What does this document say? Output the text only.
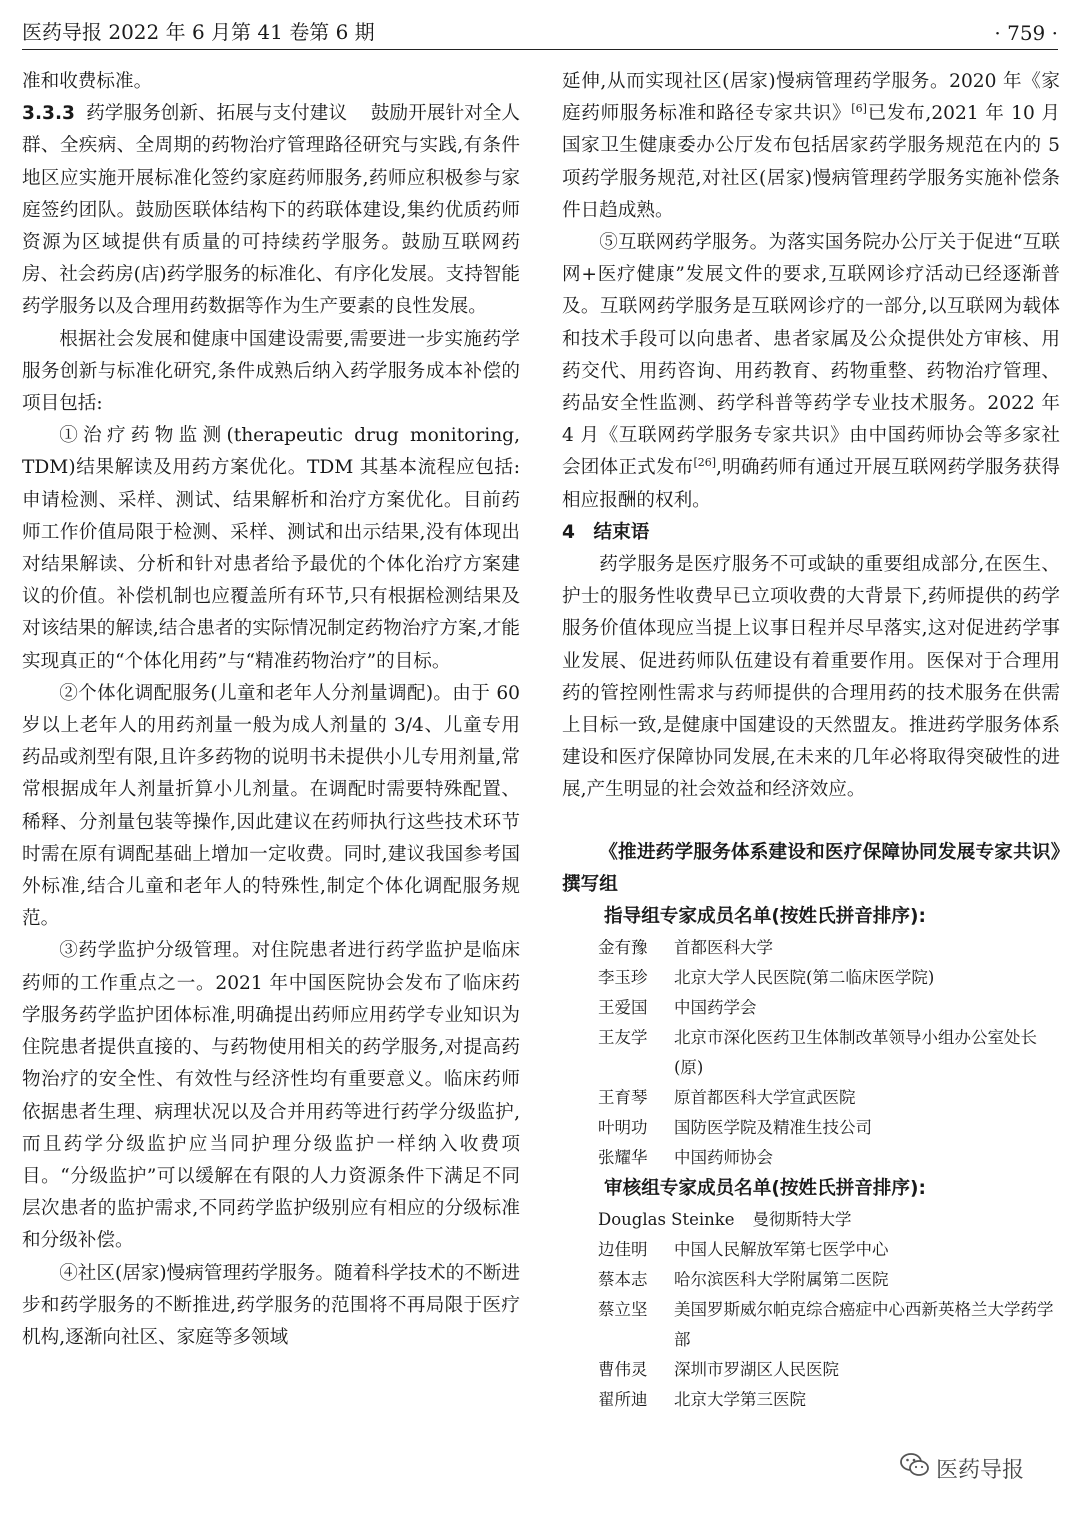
医药导报 2022 年 6 月第 41 卷第 6 期	· 759 ·

准和收费标准。

3.3.3 药学服务创新、拓展与支付建议 鼓励开展针对全人群、全疾病、全周期的药物治疗管理路径研究与实践,有条件地区应实施开展标准化签约家庭药师服务,药师应积极参与家庭签约团队。鼓励医联体结构下的药联体建设,集约优质药师资源为区域提供有质量的可持续药学服务。鼓励互联网药房、社会药房(店)药学服务的标准化、有序化发展。支持智能药学服务以及合理用药数据等作为生产要素的良性发展。

根据社会发展和健康中国建设需要,需要进一步实施药学服务创新与标准化研究,条件成熟后纳入药学服务成本补偿的项目包括:

①治疗药物监测(therapeutic drug monitoring, TDM)结果解读及用药方案优化。TDM 其基本流程应包括:申请检测、采样、测试、结果解析和治疗方案优化。目前药师工作价值局限于检测、采样、测试和出示结果,没有体现出对结果解读、分析和针对患者给予最优的个体化治疗方案建议的价值。补偿机制也应覆盖所有环节,只有根据检测结果及对该结果的解读,结合患者的实际情况制定药物治疗方案,才能实现真正的“个体化用药”与“精准药物治疗”的目标。

②个体化调配服务(儿童和老年人分剂量调配)。由于 60 岁以上老年人的用药剂量一般为成人剂量的 3/4、儿童专用药品或剂型有限,且许多药物的说明书未提供小儿专用剂量,常常根据成年人剂量折算小儿剂量。在调配时需要特殊配置、稀释、分剂量包装等操作,因此建议在药师执行这些技术环节时需在原有调配基础上增加一定收费。同时,建议我国参考国外标准,结合儿童和老年人的特殊性,制定个体化调配服务规范。

③药学监护分级管理。对住院患者进行药学监护是临床药师的工作重点之一。2021 年中国医院协会发布了临床药学服务药学监护团体标准,明确提出药师应用药学专业知识为住院患者提供直接的、与药物使用相关的药学服务,对提高药物治疗的安全性、有效性与经济性均有重要意义。临床药师依据患者生理、病理状况以及合并用药等进行药学分级监护,而且药学分级监护应当同护理分级监护一样纳入收费项目。“分级监护”可以缓解在有限的人力资源条件下满足不同层次患者的监护需求,不同药学监护级别应有相应的分级标准和分级补偿。

④社区(居家)慢病管理药学服务。随着科学技术的不断进步和药学服务的不断推进,药学服务的范围将不再局限于医疗机构,逐渐向社区、家庭等多领域

延伸,从而实现社区(居家)慢病管理药学服务。2020 年《家庭药师服务标准和路径专家共识》[6]已发布,2021 年 10 月国家卫生健康委办公厅发布包括居家药学服务规范在内的 5 项药学服务规范,对社区(居家)慢病管理药学服务实施补偿条件日趋成熟。

⑤互联网药学服务。为落实国务院办公厅关于促进“互联网+医疗健康”发展文件的要求,互联网诊疗活动已经逐渐普及。互联网药学服务是互联网诊疗的一部分,以互联网为载体和技术手段可以向患者、患者家属及公众提供处方审核、用药交代、用药咨询、用药教育、药物重整、药物治疗管理、药品安全性监测、药学科普等药学专业技术服务。2022 年 4 月《互联网药学服务专家共识》由中国药师协会等多家社会团体正式发布[26],明确药师有通过开展互联网药学服务获得相应报酬的权利。

4 结束语

药学服务是医疗服务不可或缺的重要组成部分,在医生、护士的服务性收费早已立项收费的大背景下,药师提供的药学服务价值体现应当提上议事日程并尽早落实,这对促进药学事业发展、促进药师队伍建设有着重要作用。医保对于合理用药的管控刚性需求与药师提供的合理用药的技术服务在供需上目标一致,是健康中国建设的天然盟友。推进药学服务体系建设和医疗保障协同发展,在未来的几年必将取得突破性的进展,产生明显的社会效益和经济效应。

《推进药学服务体系建设和医疗保障协同发展专家共识》撰写组
指导组专家成员名单(按姓氏拼音排序):
金有豫	首都医科大学
李玉珍	北京大学人民医院(第二临床医学院)
王爱国	中国药学会
王友学	北京市深化医药卫生体制改革领导小组办公室处长(原)
王育琴	原首都医科大学宣武医院
叶明功	国防医学院及精准生技公司
张耀华	中国药师协会
审核组专家成员名单(按姓氏拼音排序):
Douglas Steinke 曼彻斯特大学
边佳明	中国人民解放军第七医学中心
蔡本志	哈尔滨医科大学附属第二医院
蔡立坚	美国罗斯威尔帕克综合癌症中心西新英格兰大学药学部
曹伟灵	深圳市罗湖区人民医院
翟所迪	北京大学第三医院
医药导报
